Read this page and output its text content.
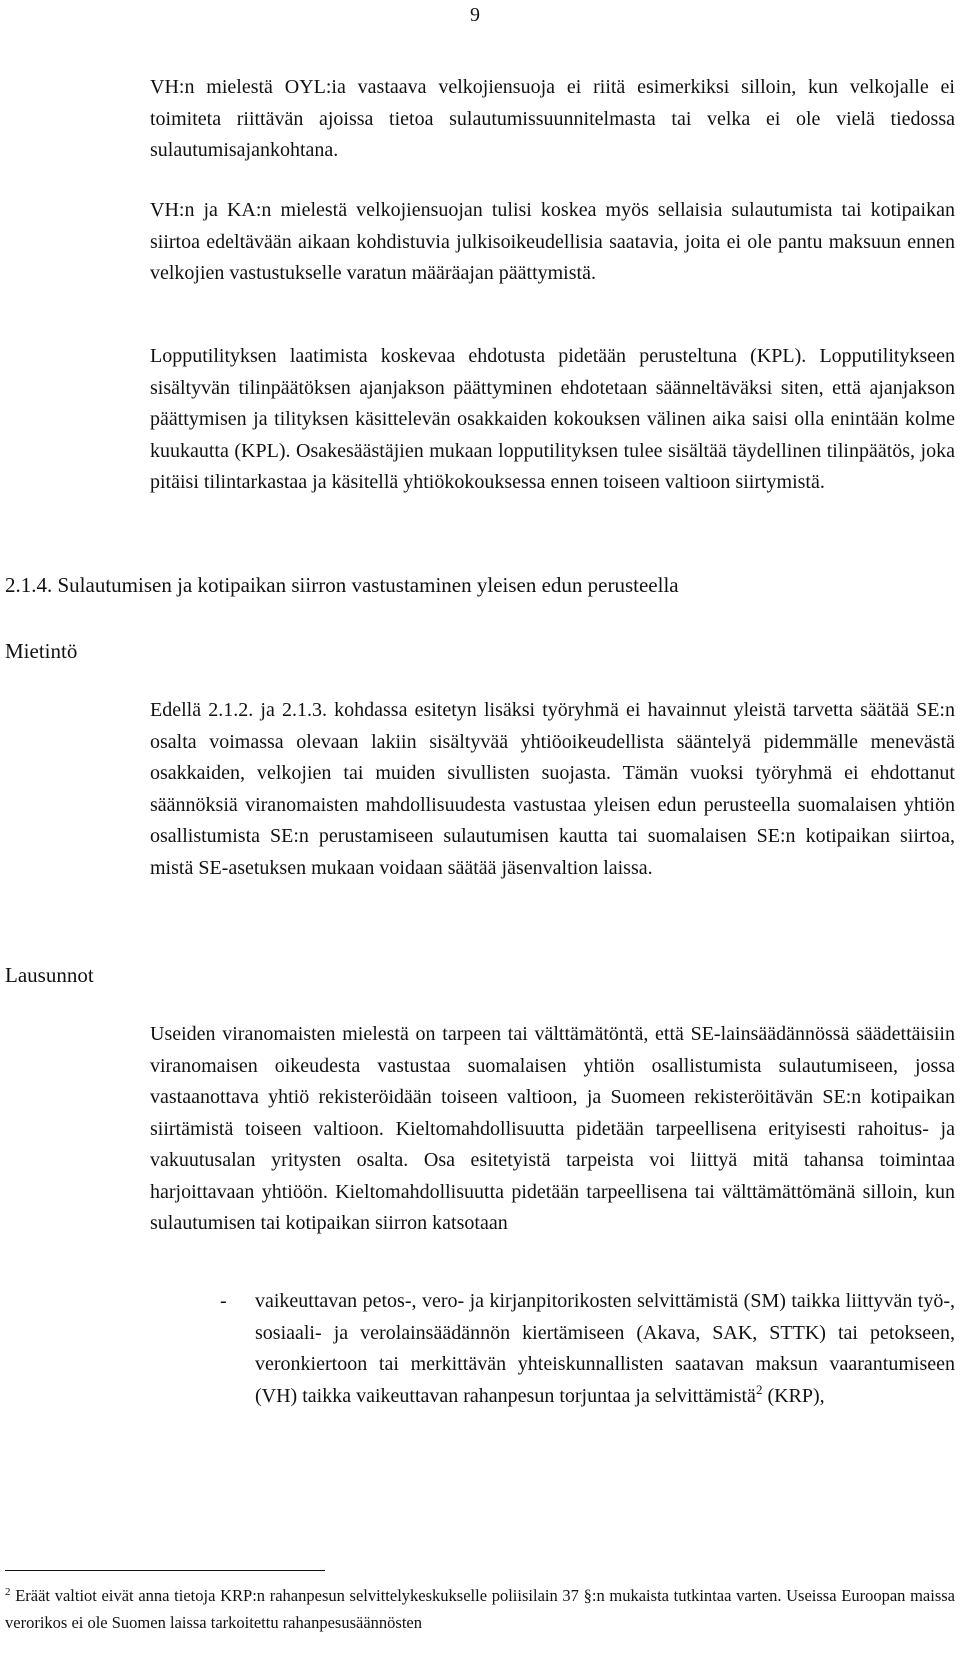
9

VH:n mielestä OYL:ia vastaava velkojiensuoja ei riitä esimerkiksi silloin, kun velkojalle ei toimiteta riittävän ajoissa tietoa sulautumissuunnitelmasta tai velka ei ole vielä tiedossa sulautumisajankohtana.

VH:n ja KA:n mielestä velkojiensuojan tulisi koskea myös sellaisia sulautumista tai kotipaikan siirtoa edeltävään aikaan kohdistuvia julkisoikeudellisia saatavia, joita ei ole pantu maksuun ennen velkojien vastustukselle varatun määräajan päättymistä.

Lopputilityksen laatimista koskevaa ehdotusta pidetään perusteltuna (KPL). Lopputilitykseen sisältyvän tilinpäätöksen ajanjakson päättyminen ehdotetaan säänneltäväksi siten, että ajanjakson päättymisen ja tilityksen käsittelevän osakkaiden kokouksen välinen aika saisi olla enintään kolme kuukautta (KPL). Osakesäästäjien mukaan lopputilityksen tulee sisältää täydellinen tilinpäätös, joka pitäisi tilintarkastaa ja käsitellä yhtiökokouksessa ennen toiseen valtioon siirtymistä.

2.1.4. Sulautumisen ja kotipaikan siirron vastustaminen yleisen edun perusteella
Mietintö

Edellä 2.1.2. ja 2.1.3. kohdassa esitetyn lisäksi työryhmä ei havainnut yleistä tarvetta säätää SE:n osalta voimassa olevaan lakiin sisältyvää yhtiöoikeudellista sääntelyä pidemmälle menevästä osakkaiden, velkojien tai muiden sivullisten suojasta. Tämän vuoksi työryhmä ei ehdottanut säännöksiä viranomaisten mahdollisuudesta vastustaa yleisen edun perusteella suomalaisen yhtiön osallistumista SE:n perustamiseen sulautumisen kautta tai suomalaisen SE:n kotipaikan siirtoa, mistä SE-asetuksen mukaan voidaan säätää jäsenvaltion laissa.

Lausunnot

Useiden viranomaisten mielestä on tarpeen tai välttämätöntä, että SE-lainsäädännössä säädettäisiin viranomaisen oikeudesta vastustaa suomalaisen yhtiön osallistumista sulautumiseen, jossa vastaanottava yhtiö rekisteröidään toiseen valtioon, ja Suomeen rekisteröitävän SE:n kotipaikan siirtämistä toiseen valtioon. Kieltomahdollisuutta pidetään tarpeellisena erityisesti rahoitus- ja vakuutusalan yritysten osalta. Osa esitetyistä tarpeista voi liittyä mitä tahansa toimintaa harjoittavaan yhtiöön. Kieltomahdollisuutta pidetään tarpeellisena tai välttämättömänä silloin, kun sulautumisen tai kotipaikan siirron katsotaan

- vaikeuttavan petos-, vero- ja kirjanpitorikosten selvittämistä (SM) taikka liittyvän työ-, sosiaali- ja verolainsäädännön kiertämiseen (Akava, SAK, STTK) tai petokseen, veronkiertoon tai merkittävän yhteiskunnallisten saatavan maksun vaarantumiseen (VH) taikka vaikeuttavan rahanpesun torjuntaa ja selvittämistä$^2$ (KRP),

$^2$ Eräät valtiot eivät anna tietoja KRP:n rahanpesun selvittelykeskukselle poliisilain 37 §:n mukaista tutkintaa varten. Useissa Euroopan maissa verorikos ei ole Suomen laissa tarkoitettu rahanpesusäännösten
